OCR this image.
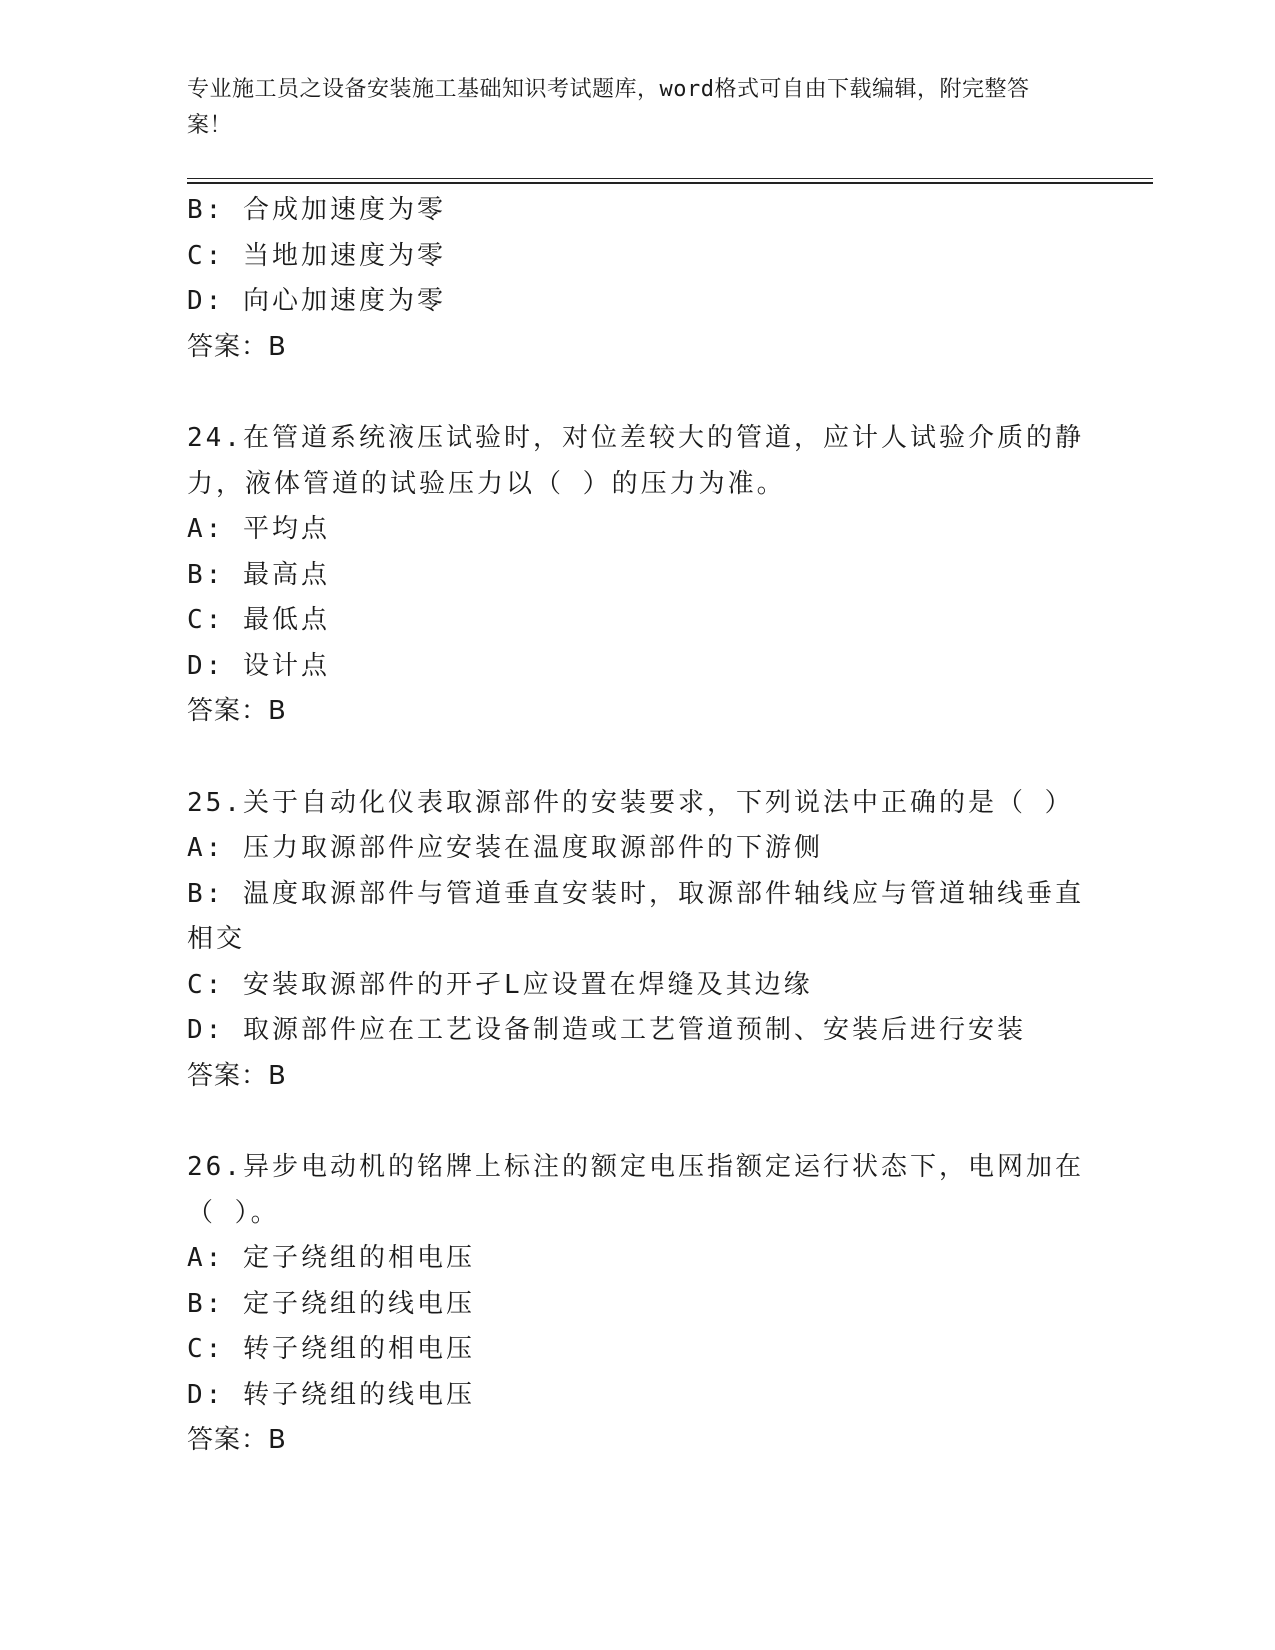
专业施工员之设备安装施工基础知识考试题库，word格式可自由下载编辑，附完整答案！
B: 合成加速度为零
C: 当地加速度为零
D: 向心加速度为零
答案：B
24.在管道系统液压试验时，对位差较大的管道，应计人试验介质的静力，液体管道的试验压力以（ ）的压力为准。
A: 平均点
B: 最高点
C: 最低点
D: 设计点
答案：B
25.关于自动化仪表取源部件的安装要求，下列说法中正确的是（ ）
A: 压力取源部件应安装在温度取源部件的下游侧
B: 温度取源部件与管道垂直安装时，取源部件轴线应与管道轴线垂直相交
C: 安装取源部件的开孑L应设置在焊缝及其边缘
D: 取源部件应在工艺设备制造或工艺管道预制、安装后进行安装
答案：B
26.异步电动机的铭牌上标注的额定电压指额定运行状态下，电网加在（ ）。
A: 定子绕组的相电压
B: 定子绕组的线电压
C: 转子绕组的相电压
D: 转子绕组的线电压
答案：B
